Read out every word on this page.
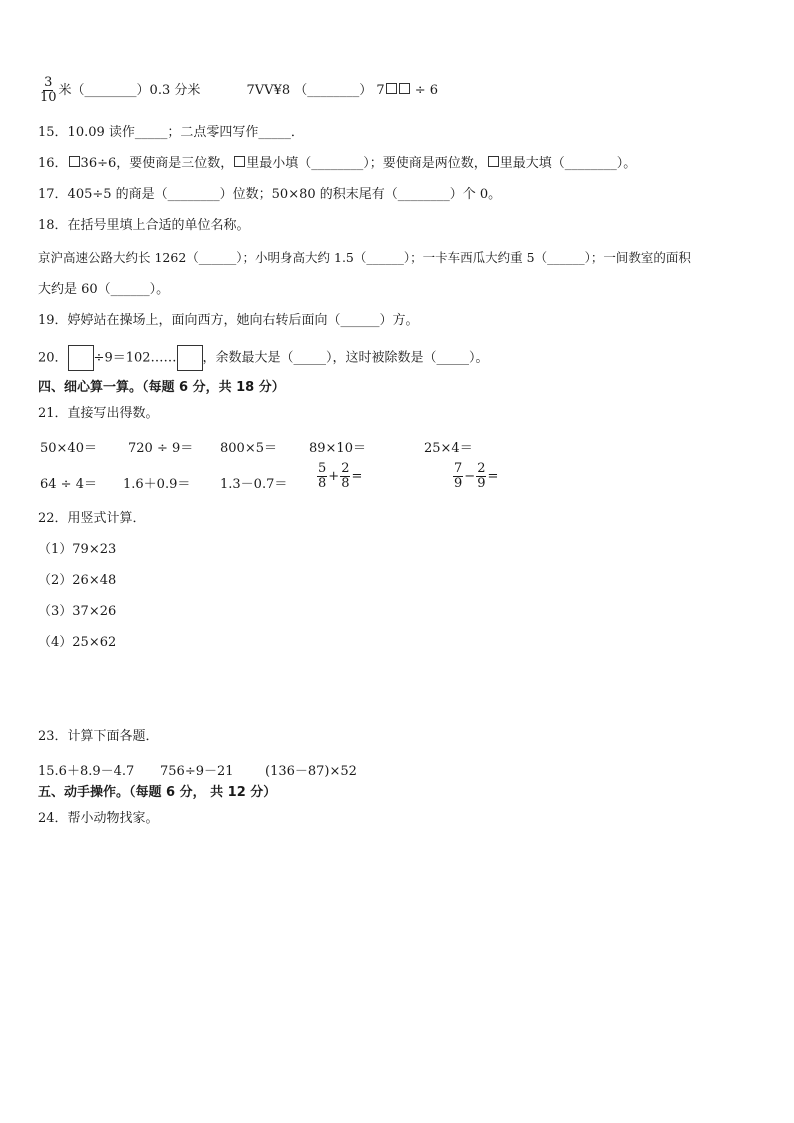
$\frac{3}{10}$ 米（________）0.3 分米	7VV¥8 （________） 7 ÷ 6
15．10.09 读作_____；二点零四写作_____．
16． 36÷6，要使商是三位数， 里最小填（________）；要使商是两位数， 里最大填（________）。
17．405÷5 的商是（________）位数；50×80 的积末尾有（________）个 0。
18．在括号里填上合适的单位名称。
京沪高速公路大约长 1262（______）；小明身高大约 1.5（______）；一卡车西瓜大约重 5（______）；一间教室的面积
大约是 60（______）。
19．婷婷站在操场上，面向西方，她向右转后面向（______）方。
20． ÷9＝102…… ，余数最大是（_____），这时被除数是（_____）。
四、细心算一算。（每题 6 分，共 18 分）
21．直接写出得数。
50×40＝ 720 ÷ 9＝ 800×5＝ 89×10＝	25×4＝
$64 \div 4= 1.6+0.9= 1.3-0.7= \frac{5}{8} + \frac{2}{8}$ =	$\frac{7}{9} - \frac{2}{9}$ =
22．用竖式计算．
（1）79×23
（2）26×48
（3）37×26
（4）25×62
23．计算下面各题．
15.6＋8.9－4.7 756÷9－21 (136－87)×52
五、动手操作。（每题 6 分， 共 12 分）
24．帮小动物找家。
